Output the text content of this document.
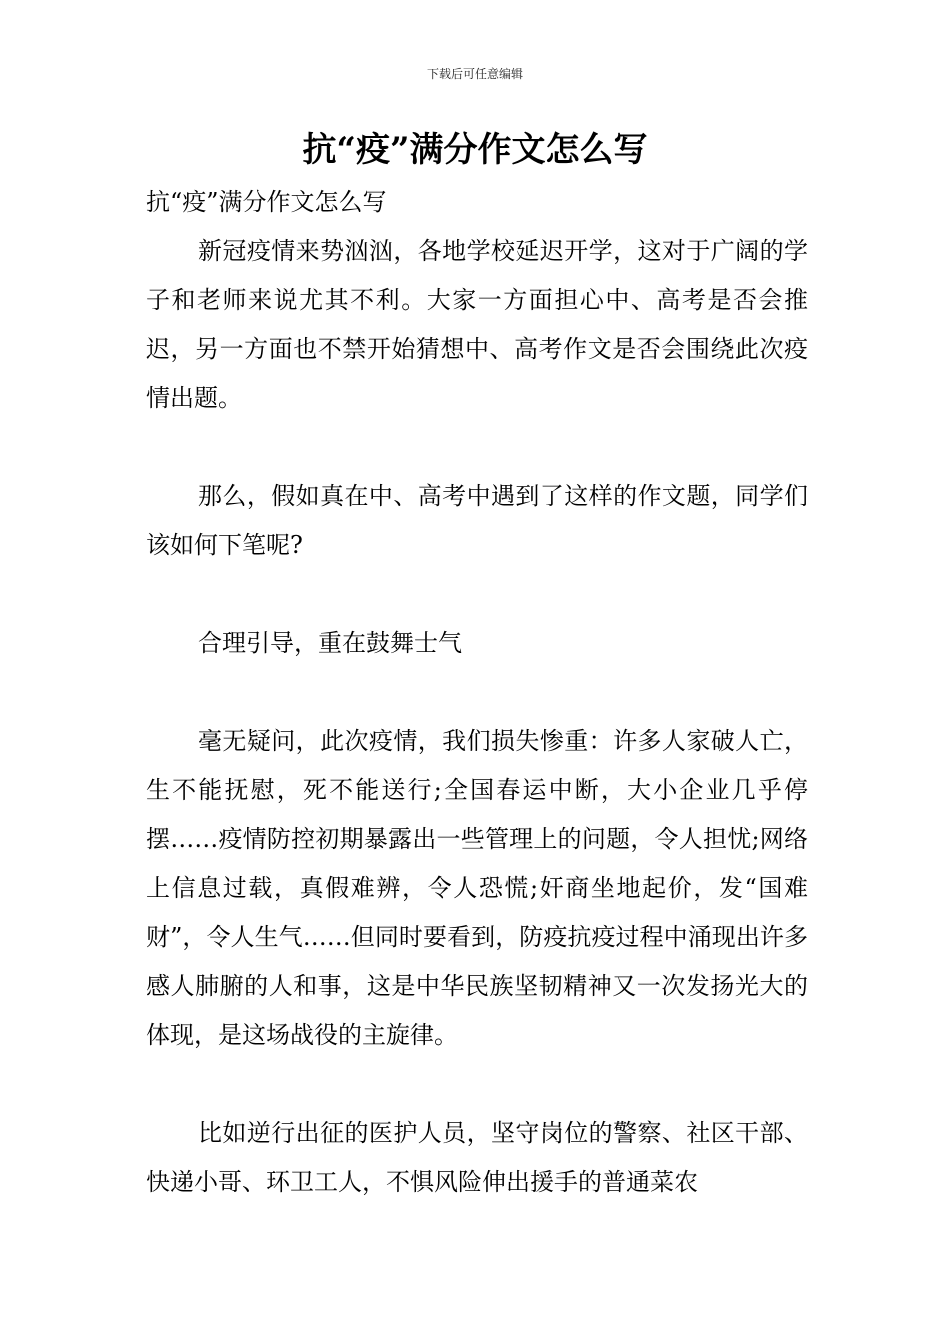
下载后可任意编辑
抗“疫”满分作文怎么写

抗“疫”满分作文怎么写

新冠疫情来势汹汹，各地学校延迟开学，这对于广阔的学子和老师来说尤其不利。大家一方面担心中、高考是否会推迟，另一方面也不禁开始猜想中、高考作文是否会围绕此次疫情出题。

那么，假如真在中、高考中遇到了这样的作文题，同学们该如何下笔呢?

合理引导，重在鼓舞士气

毫无疑问，此次疫情，我们损失惨重：许多人家破人亡，生不能抚慰，死不能送行;全国春运中断，大小企业几乎停摆……疫情防控初期暴露出一些管理上的问题，令人担忧;网络上信息过载，真假难辨，令人恐慌;奸商坐地起价，发“国难财”，令人生气……但同时要看到，防疫抗疫过程中涌现出许多感人肺腑的人和事，这是中华民族坚韧精神又一次发扬光大的体现，是这场战役的主旋律。

比如逆行出征的医护人员，坚守岗位的警察、社区干部、快递小哥、环卫工人，不惧风险伸出援手的普通菜农
